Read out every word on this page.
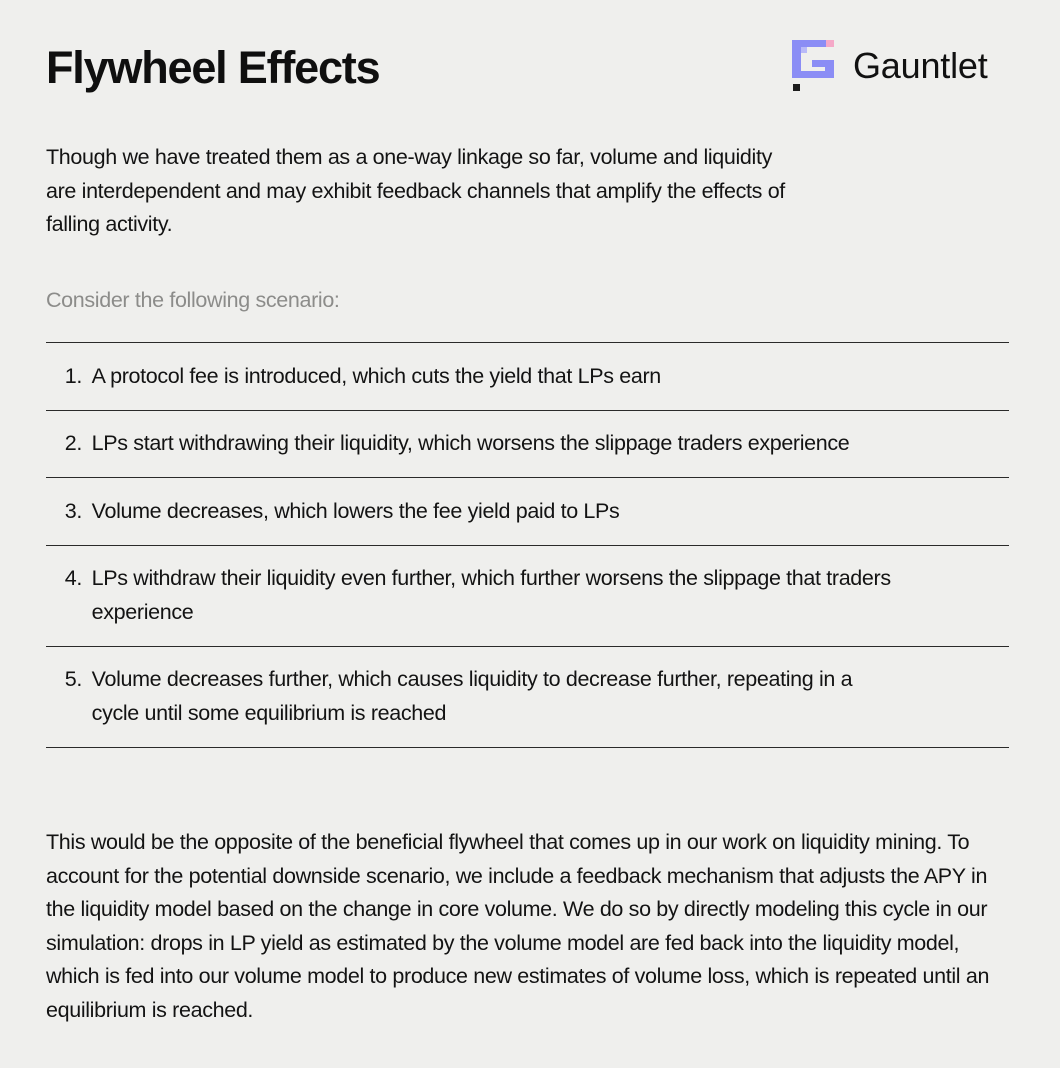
Flywheel Effects	Gauntlet

Though we have treated them as a one-way linkage so far, volume and liquidity are interdependent and may exhibit feedback channels that amplify the effects of falling activity.

Consider the following scenario:

1. A protocol fee is introduced, which cuts the yield that LPs earn
2. LPs start withdrawing their liquidity, which worsens the slippage traders experience
3. Volume decreases, which lowers the fee yield paid to LPs
4. LPs withdraw their liquidity even further, which further worsens the slippage that traders experience
5. Volume decreases further, which causes liquidity to decrease further, repeating in a cycle until some equilibrium is reached

This would be the opposite of the beneficial flywheel that comes up in our work on liquidity mining. To account for the potential downside scenario, we include a feedback mechanism that adjusts the APY in the liquidity model based on the change in core volume. We do so by directly modeling this cycle in our simulation: drops in LP yield as estimated by the volume model are fed back into the liquidity model, which is fed into our volume model to produce new estimates of volume loss, which is repeated until an equilibrium is reached.
